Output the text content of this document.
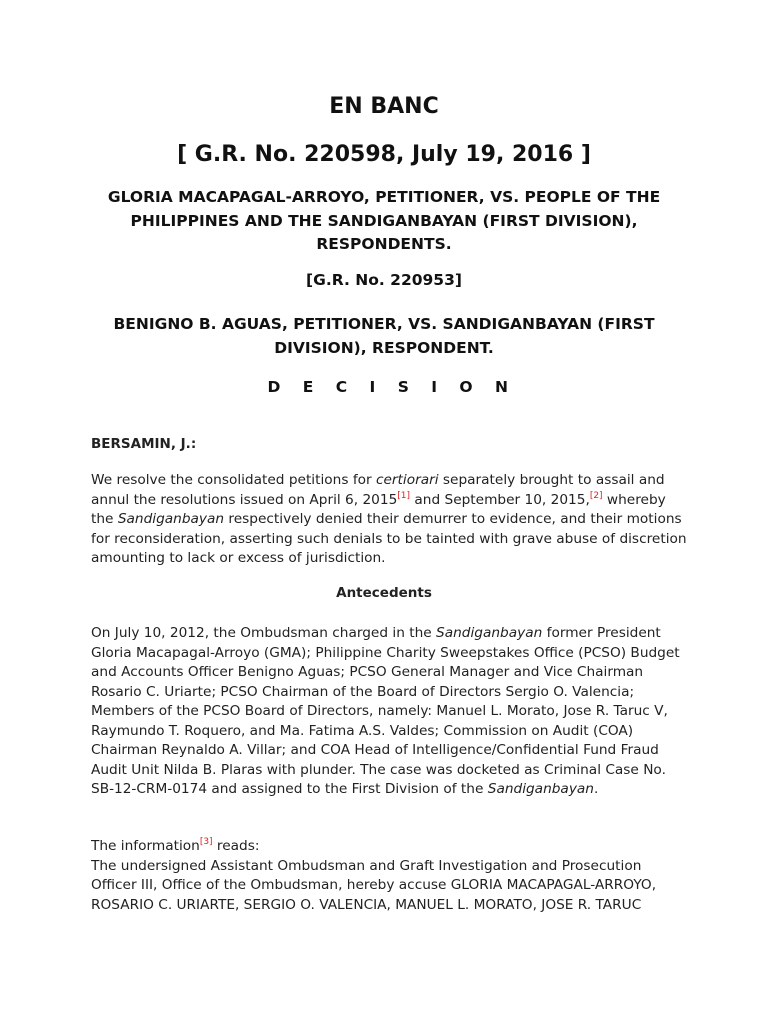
EN BANC
[ G.R. No. 220598, July 19, 2016 ]
GLORIA MACAPAGAL-ARROYO, PETITIONER, VS. PEOPLE OF THE PHILIPPINES AND THE SANDIGANBAYAN (FIRST DIVISION), RESPONDENTS.
[G.R. No. 220953]
BENIGNO B. AGUAS, PETITIONER, VS. SANDIGANBAYAN (FIRST DIVISION), RESPONDENT.
D E C I S I O N
BERSAMIN, J.:
We resolve the consolidated petitions for certiorari separately brought to assail and annul the resolutions issued on April 6, 2015[1] and September 10, 2015,[2] whereby the Sandiganbayan respectively denied their demurrer to evidence, and their motions for reconsideration, asserting such denials to be tainted with grave abuse of discretion amounting to lack or excess of jurisdiction.
Antecedents
On July 10, 2012, the Ombudsman charged in the Sandiganbayan former President Gloria Macapagal-Arroyo (GMA); Philippine Charity Sweepstakes Office (PCSO) Budget and Accounts Officer Benigno Aguas; PCSO General Manager and Vice Chairman Rosario C. Uriarte; PCSO Chairman of the Board of Directors Sergio O. Valencia; Members of the PCSO Board of Directors, namely: Manuel L. Morato, Jose R. Taruc V, Raymundo T. Roquero, and Ma. Fatima A.S. Valdes; Commission on Audit (COA) Chairman Reynaldo A. Villar; and COA Head of Intelligence/Confidential Fund Fraud Audit Unit Nilda B. Plaras with plunder. The case was docketed as Criminal Case No. SB-12-CRM-0174 and assigned to the First Division of the Sandiganbayan.
The information[3] reads:
The undersigned Assistant Ombudsman and Graft Investigation and Prosecution Officer III, Office of the Ombudsman, hereby accuse GLORIA MACAPAGAL-ARROYO, ROSARIO C. URIARTE, SERGIO O. VALENCIA, MANUEL L. MORATO, JOSE R. TARUC
